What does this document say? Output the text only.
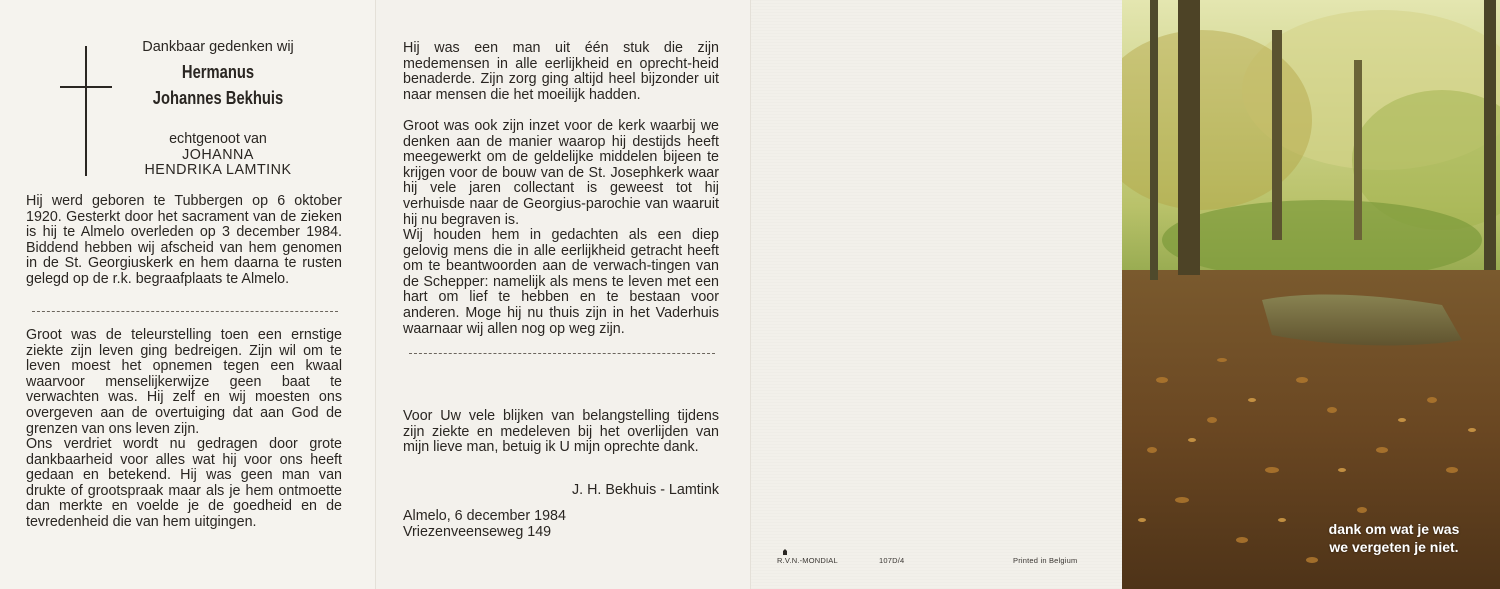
Dankbaar gedenken wij
Hermanus
Johannes Bekhuis
echtgenoot van
JOHANNA
HENDRIKA LAMTINK
Hij werd geboren te Tubbergen op 6 oktober 1920. Gesterkt door het sacrament van de zieken is hij te Almelo overleden op 3 december 1984. Biddend hebben wij afscheid van hem genomen in de St. Georgiuskerk en hem daarna te rusten gelegd op de r.k. begraafplaats te Almelo.
Groot was de teleurstelling toen een ernstige ziekte zijn leven ging bedreigen. Zijn wil om te leven moest het opnemen tegen een kwaal waarvoor menselijkerwijze geen baat te verwachten was. Hij zelf en wij moesten ons overgeven aan de overtuiging dat aan God de grenzen van ons leven zijn.
Ons verdriet wordt nu gedragen door grote dankbaarheid voor alles wat hij voor ons heeft gedaan en betekend. Hij was geen man van drukte of grootspraak maar als je hem ontmoette dan merkte en voelde je de goedheid en de tevredenheid die van hem uitgingen.
Hij was een man uit één stuk die zijn medemensen in alle eerlijkheid en oprecht-heid benaderde. Zijn zorg ging altijd heel bijzonder uit naar mensen die het moeilijk hadden.
Groot was ook zijn inzet voor de kerk waarbij we denken aan de manier waarop hij destijds heeft meegewerkt om de geldelijke middelen bijeen te krijgen voor de bouw van de St. Josephkerk waar hij vele jaren collectant is geweest tot hij verhuisde naar de Georgius-parochie van waaruit hij nu begraven is.
Wij houden hem in gedachten als een diep gelovig mens die in alle eerlijkheid getracht heeft om te beantwoorden aan de verwach-tingen van de Schepper: namelijk als mens te leven met een hart om lief te hebben en te bestaan voor anderen. Moge hij nu thuis zijn in het Vaderhuis waarnaar wij allen nog op weg zijn.
Voor Uw vele blijken van belangstelling tijdens zijn ziekte en medeleven bij het overlijden van mijn lieve man, betuig ik U mijn oprechte dank.
J. H. Bekhuis - Lamtink
Almelo, 6 december 1984
Vriezenveenseweg 149
R.V.N.-MONDIAL	107D/4	Printed in Belgium
dank om wat je was
we vergeten je niet.
